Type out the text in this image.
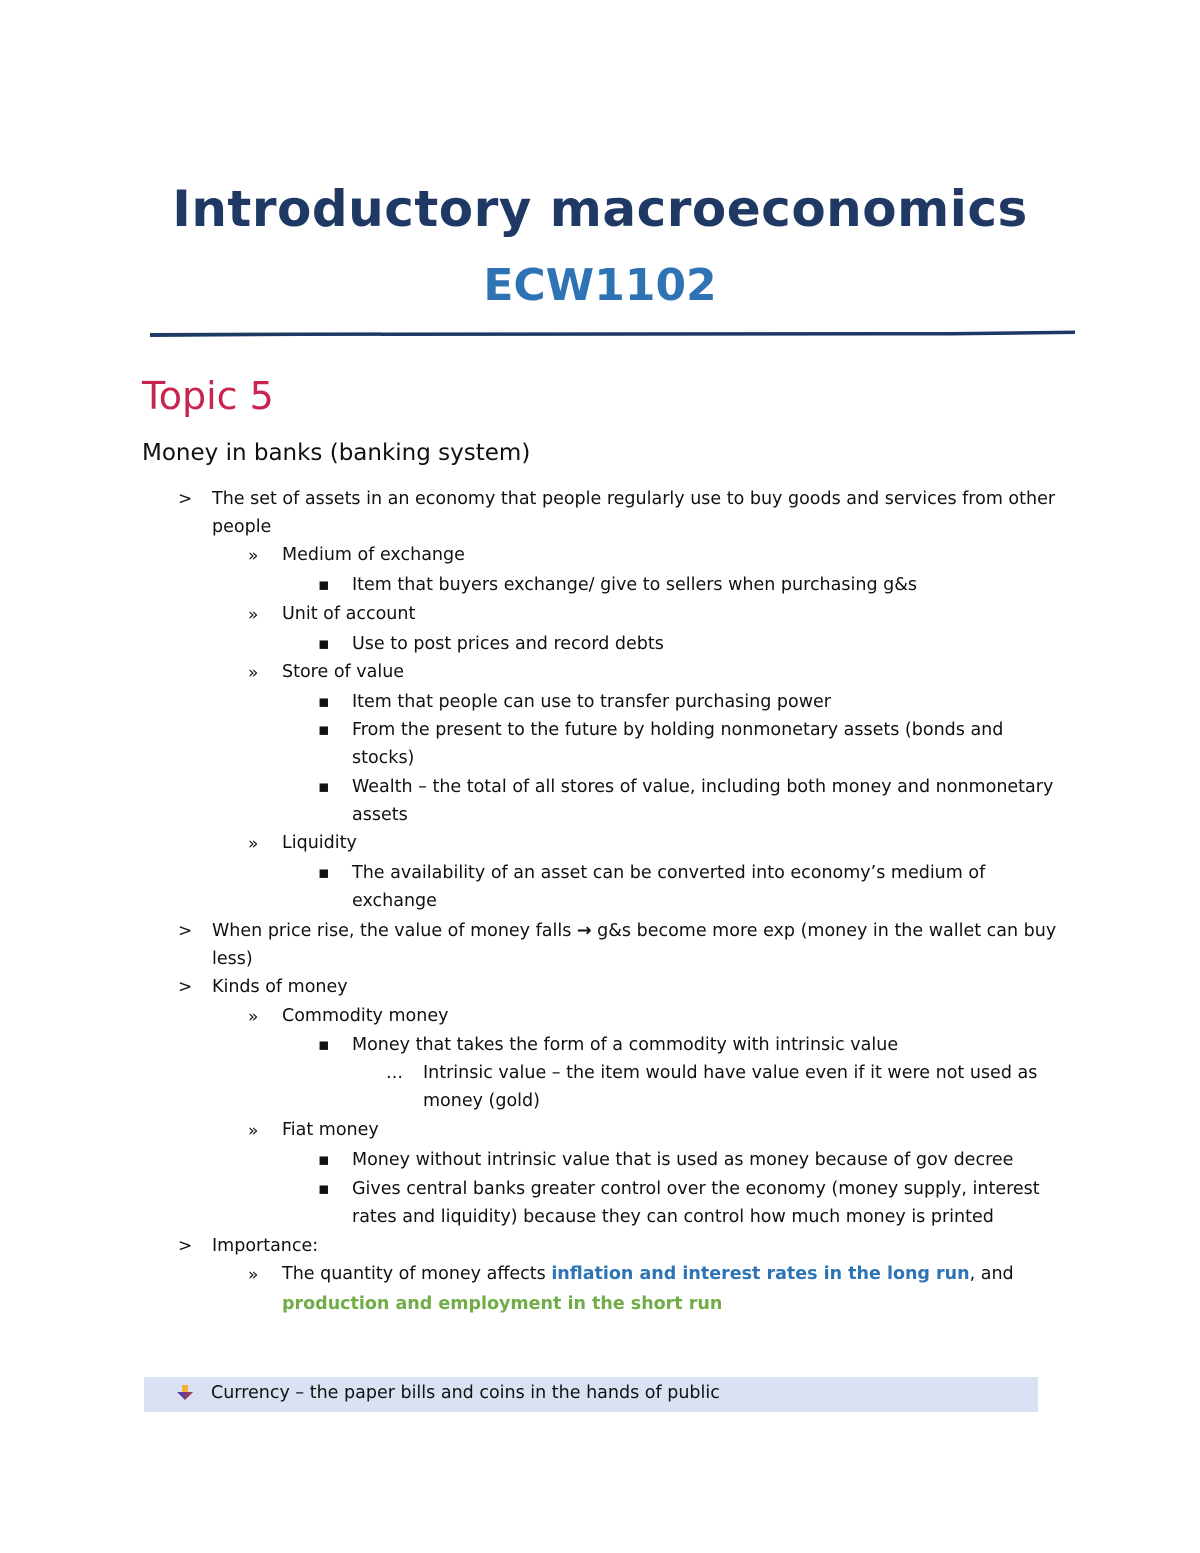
Introductory macroeconomics
ECW1102
Topic 5
Money in banks (banking system)
> The set of assets in an economy that people regularly use to buy goods and services from other
people
» Medium of exchange
▪ Item that buyers exchange/ give to sellers when purchasing g&s
» Unit of account
▪ Use to post prices and record debts
» Store of value
▪ Item that people can use to transfer purchasing power
▪ From the present to the future by holding nonmonetary assets (bonds and
stocks)
▪ Wealth – the total of all stores of value, including both money and nonmonetary
assets
» Liquidity
▪ The availability of an asset can be converted into economy’s medium of
exchange
> When price rise, the value of money falls → g&s become more exp (money in the wallet can buy
less)
> Kinds of money
» Commodity money
▪ Money that takes the form of a commodity with intrinsic value
… Intrinsic value – the item would have value even if it were not used as
money (gold)
» Fiat money
▪ Money without intrinsic value that is used as money because of gov decree
▪ Gives central banks greater control over the economy (money supply, interest
rates and liquidity) because they can control how much money is printed
> Importance:
» The quantity of money affects inflation and interest rates in the long run, and
production and employment in the short run
Currency – the paper bills and coins in the hands of public
